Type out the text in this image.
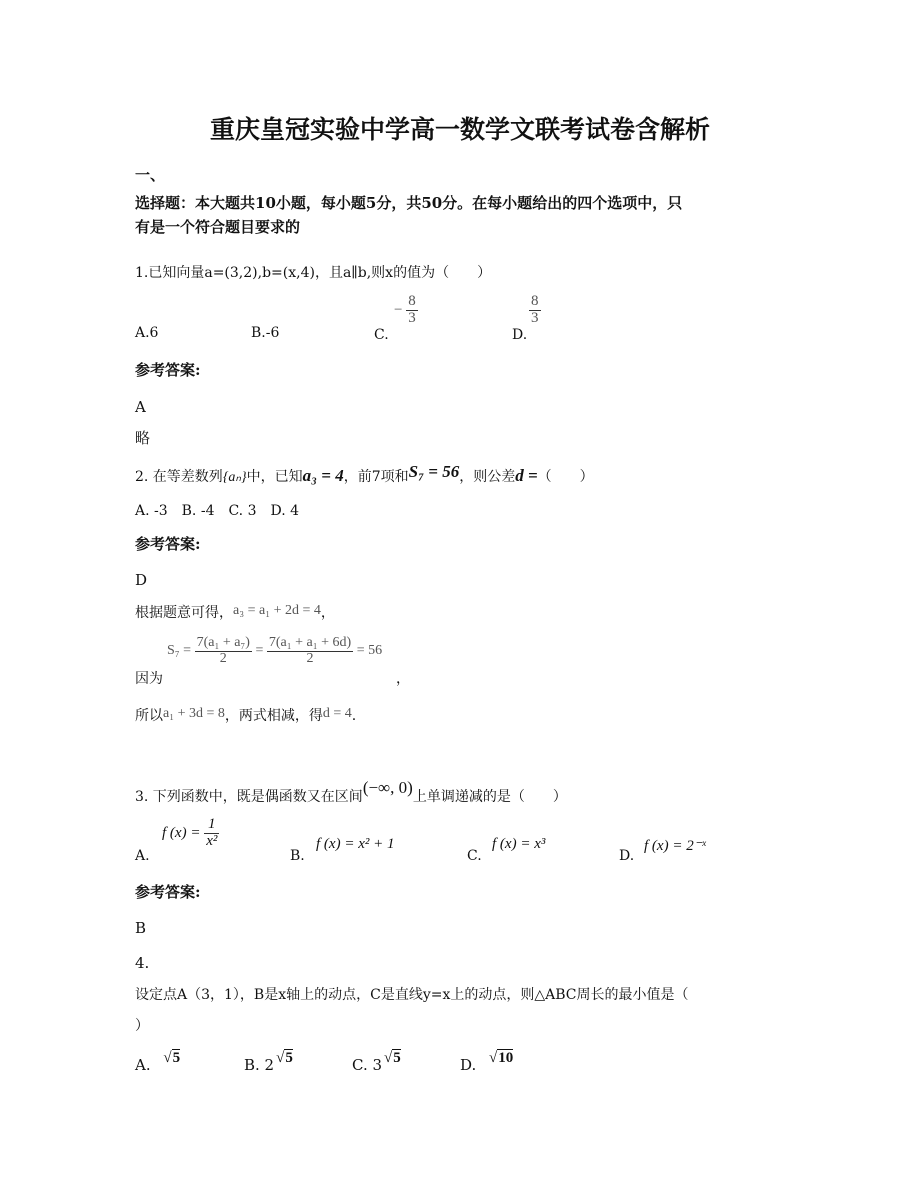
重庆皇冠实验中学高一数学文联考试卷含解析
一、
选择题：本大题共10小题，每小题5分，共50分。在每小题给出的四个选项中，只
有是一个符合题目要求的
1.已知向量a=(3,2),b=(x,4)，且a∥b,则x的值为（　　）
A.6	B.-6	C.
− $\frac{8}{3}$
D.
$\frac{8}{3}$
参考答案:
A
略
2. 在等差数列{aₙ}中，已知a₃ = 4，前7项和S₇ = 56，则公差d =（　　）
A. -3　B. -4　C. 3　D. 4
参考答案:
D
根据题意可得，a₃ = a₁ + 2d = 4，
因为
$S_7 = \frac{\text{7(a₁ + a₇)}}{2} = \frac{\text{7(a₁ + a₁ + 6d)}}{2} = 56$
，
所以a₁ + 3d = 8，两式相减，得d = 4.
3. 下列函数中，既是偶函数又在区间(−∞, 0)上单调递减的是（　　）
A.
f $(x) = \frac{1}{\text{x²}}$
B.
f (x) = x² + 1
C.
f (x) = x³
D.
f (x) = 2⁻ˣ
参考答案:
B
4.
设定点A（3，1），B是x轴上的动点，C是直线y=x上的动点，则△ABC周长的最小值是（
）
A. √5	B. 2 √5	C. 3 √5	D. √10
